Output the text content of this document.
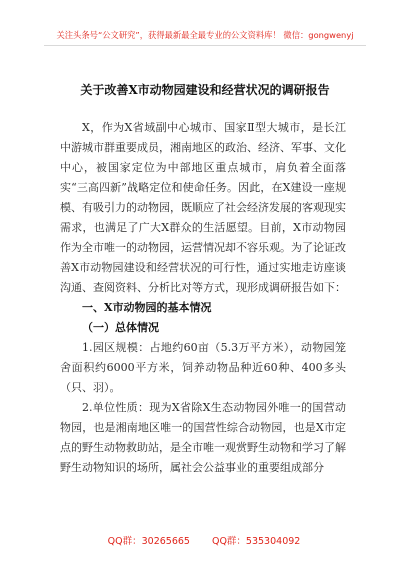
关注头条号“公文研究”，获得最新最全最专业的公文资料库！ 微信：gongwenyj
关于改善X市动物园建设和经营状况的调研报告

X，作为X省域副中心城市、国家Ⅱ型大城市，是长江中游城市群重要成员，湘南地区的政治、经济、军事、文化中心，被国家定位为中部地区重点城市，肩负着全面落实“三高四新”战略定位和使命任务。因此，在X建设一座规模、有吸引力的动物园，既顺应了社会经济发展的客观现实需求，也满足了广大X群众的生活愿望。目前，X市动物园作为全市唯一的动物园，运营情况却不容乐观。为了论证改善X市动物园建设和经营状况的可行性，通过实地走访座谈沟通、查阅资料、分析比对等方式，现形成调研报告如下：

一、X市动物园的基本情况

（一）总体情况

1.园区规模：占地约60亩（5.3万平方米），动物园笼舍面积约6000平方米，饲养动物品种近60种、400多头（只、羽）。

2.单位性质：现为X省除X生态动物园外唯一的国营动物园，也是湘南地区唯一的国营性综合动物园，也是X市定点的野生动物救助站，是全市唯一观赏野生动物和学习了解野生动物知识的场所，属社会公益事业的重要组成部分

QQ群：30265665 QQ群：535304092
